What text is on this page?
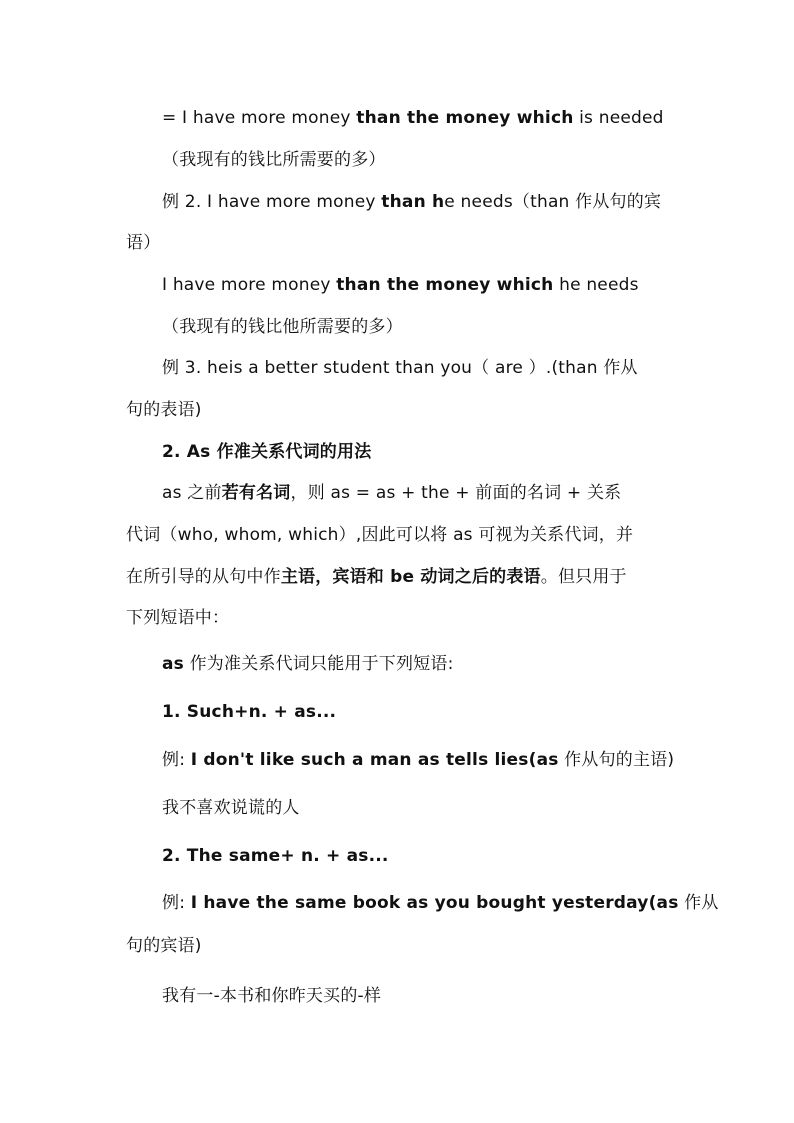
= I have more money than the money which is needed
（我现有的钱比所需要的多）
例 2. I have more money than he needs（than 作从句的宾
语）
I have more money than the money which he needs
（我现有的钱比他所需要的多）
例 3. heis a better student than you（ are ）.(than 作从
句的表语)
2. As 作准关系代词的用法
as 之前若有名词，则 as = as + the + 前面的名词 + 关系
代词（who, whom, which）,因此可以将 as 可视为关系代词，并
在所引导的从句中作主语，宾语和 be 动词之后的表语。但只用于
下列短语中：
as 作为准关系代词只能用于下列短语:
1. Such+n. + as...
例: I don't like such a man as tells lies(as 作从句的主语)
我不喜欢说谎的人
2. The same+ n. + as...
例: I have the same book as you bought yesterday(as 作从
句的宾语)
我有一-本书和你昨天买的-样
